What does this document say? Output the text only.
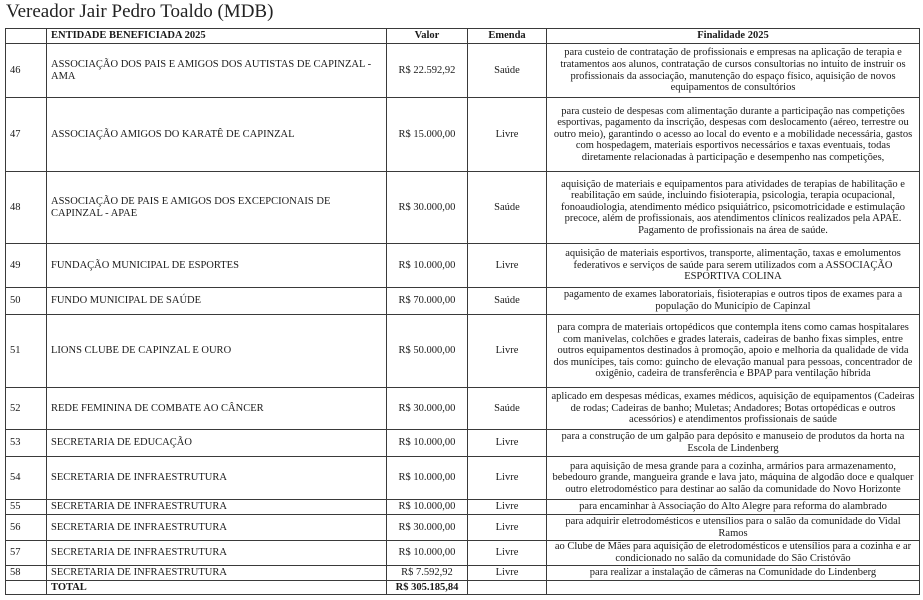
Vereador Jair Pedro Toaldo (MDB)
	ENTIDADE BENEFICIADA 2025	Valor	Emenda	Finalidade 2025
46	ASSOCIAÇÃO DOS PAIS E AMIGOS DOS AUTISTAS DE CAPINZAL - AMA	R$ 22.592,92	Saúde	para custeio de contratação de profissionais e empresas na aplicação de terapia e tratamentos aos alunos, contratação de cursos consultorias no intuito de instruir os profissionais da associação, manutenção do espaço físico, aquisição de novos equipamentos de consultórios
47	ASSOCIAÇÃO AMIGOS DO KARATÊ DE CAPINZAL	R$ 15.000,00	Livre	para custeio de despesas com alimentação durante a participação nas competições esportivas, pagamento da inscrição, despesas com deslocamento (aéreo, terrestre ou outro meio), garantindo o acesso ao local do evento e a mobilidade necessária, gastos com hospedagem, materiais esportivos necessários e taxas eventuais, todas diretamente relacionadas à participação e desempenho nas competições,
48	ASSOCIAÇÃO DE PAIS E AMIGOS DOS EXCEPCIONAIS DE CAPINZAL - APAE	R$ 30.000,00	Saúde	aquisição de materiais e equipamentos para atividades de terapias de habilitação e reabilitação em saúde, incluindo fisioterapia, psicologia, terapia ocupacional, fonoaudiologia, atendimento médico psiquiátrico, psicomotricidade e estimulação precoce, além de profissionais, aos atendimentos clínicos realizados pela APAE. Pagamento de profissionais na área de saúde.
49	FUNDAÇÃO MUNICIPAL DE ESPORTES	R$ 10.000,00	Livre	aquisição de materiais esportivos, transporte, alimentação, taxas e emolumentos federativos e serviços de saúde para serem utilizados com a ASSOCIAÇÃO ESPORTIVA COLINA
50	FUNDO MUNICIPAL DE SAÚDE	R$ 70.000,00	Saúde	pagamento de exames laboratoriais, fisioterapias e outros tipos de exames para a população do Município de Capinzal
51	LIONS CLUBE DE CAPINZAL E OURO	R$ 50.000,00	Livre	para compra de materiais ortopédicos que contempla itens como camas hospitalares com manivelas, colchões e grades laterais, cadeiras de banho fixas simples, entre outros equipamentos destinados à promoção, apoio e melhoria da qualidade de vida dos munícipes, tais como: guincho de elevação manual para pessoas, concentrador de oxigênio, cadeira de transferência e BPAP para ventilação híbrida
52	REDE FEMININA DE COMBATE AO CÂNCER	R$ 30.000,00	Saúde	aplicado em despesas médicas, exames médicos, aquisição de equipamentos (Cadeiras de rodas; Cadeiras de banho; Muletas; Andadores; Botas ortopédicas e outros acessórios) e atendimentos profissionais de saúde
53	SECRETARIA DE EDUCAÇÃO	R$ 10.000,00	Livre	para a construção de um galpão para depósito e manuseio de produtos da horta na Escola de Lindenberg
54	SECRETARIA DE INFRAESTRUTURA	R$ 10.000,00	Livre	para aquisição de mesa grande para a cozinha, armários para armazenamento, bebedouro grande, mangueira grande e lava jato, máquina de algodão doce e qualquer outro eletrodoméstico para destinar ao salão da comunidade do Novo Horizonte
55	SECRETARIA DE INFRAESTRUTURA	R$ 10.000,00	Livre	para encaminhar à Associação do Alto Alegre para reforma do alambrado
56	SECRETARIA DE INFRAESTRUTURA	R$ 30.000,00	Livre	para adquirir eletrodomésticos e utensílios para o salão da comunidade do Vidal Ramos
57	SECRETARIA DE INFRAESTRUTURA	R$ 10.000,00	Livre	ao Clube de Mães para aquisição de eletrodomésticos e utensílios para a cozinha e ar condicionado no salão da comunidade do São Cristóvão
58	SECRETARIA DE INFRAESTRUTURA	R$ 7.592,92	Livre	para realizar a instalação de câmeras na Comunidade do Lindenberg
	TOTAL	R$ 305.185,84		
